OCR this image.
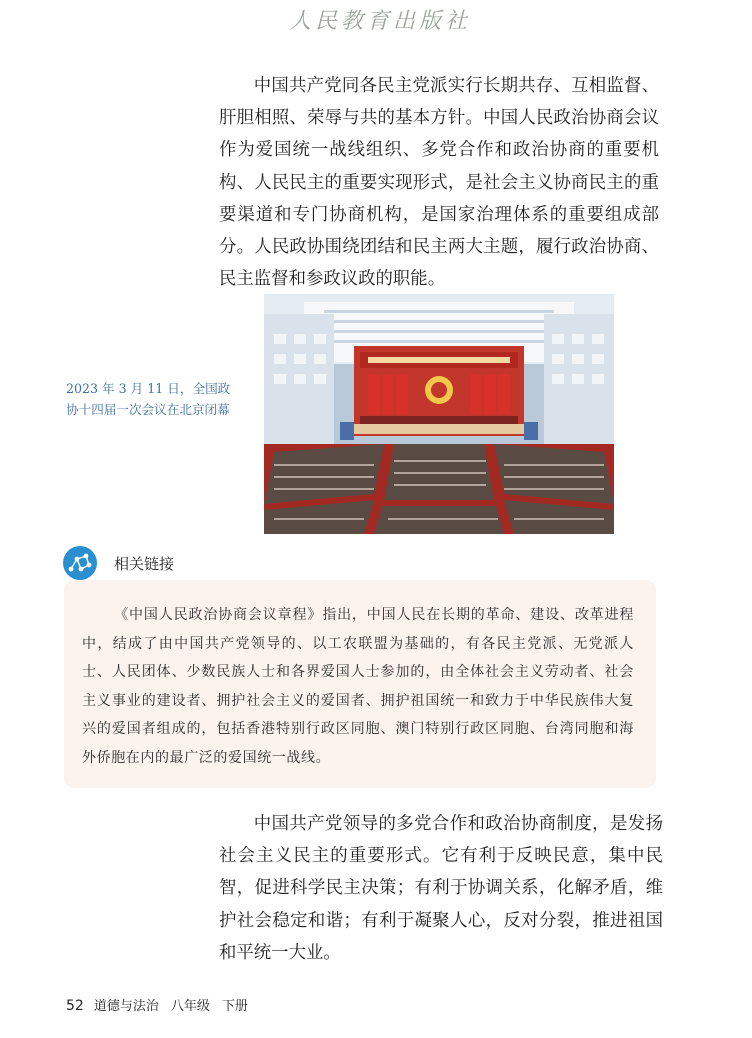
人民教育出版社

中国共产党同各民主党派实行长期共存、互相监督、肝胆相照、荣辱与共的基本方针。中国人民政治协商会议作为爱国统一战线组织、多党合作和政治协商的重要机构、人民民主的重要实现形式，是社会主义协商民主的重要渠道和专门协商机构，是国家治理体系的重要组成部分。人民政协围绕团结和民主两大主题，履行政治协商、民主监督和参政议政的职能。

2023 年 3 月 11 日，全国政协十四届一次会议在北京闭幕
相关链接

《中国人民政治协商会议章程》指出，中国人民在长期的革命、建设、改革进程中，结成了由中国共产党领导的、以工农联盟为基础的，有各民主党派、无党派人士、人民团体、少数民族人士和各界爱国人士参加的，由全体社会主义劳动者、社会主义事业的建设者、拥护社会主义的爱国者、拥护祖国统一和致力于中华民族伟大复兴的爱国者组成的，包括香港特别行政区同胞、澳门特别行政区同胞、台湾同胞和海外侨胞在内的最广泛的爱国统一战线。

中国共产党领导的多党合作和政治协商制度，是发扬社会主义民主的重要形式。它有利于反映民意，集中民智，促进科学民主决策；有利于协调关系，化解矛盾，维护社会稳定和谐；有利于凝聚人心，反对分裂，推进祖国和平统一大业。

52 道德与法治 八年级 下册
